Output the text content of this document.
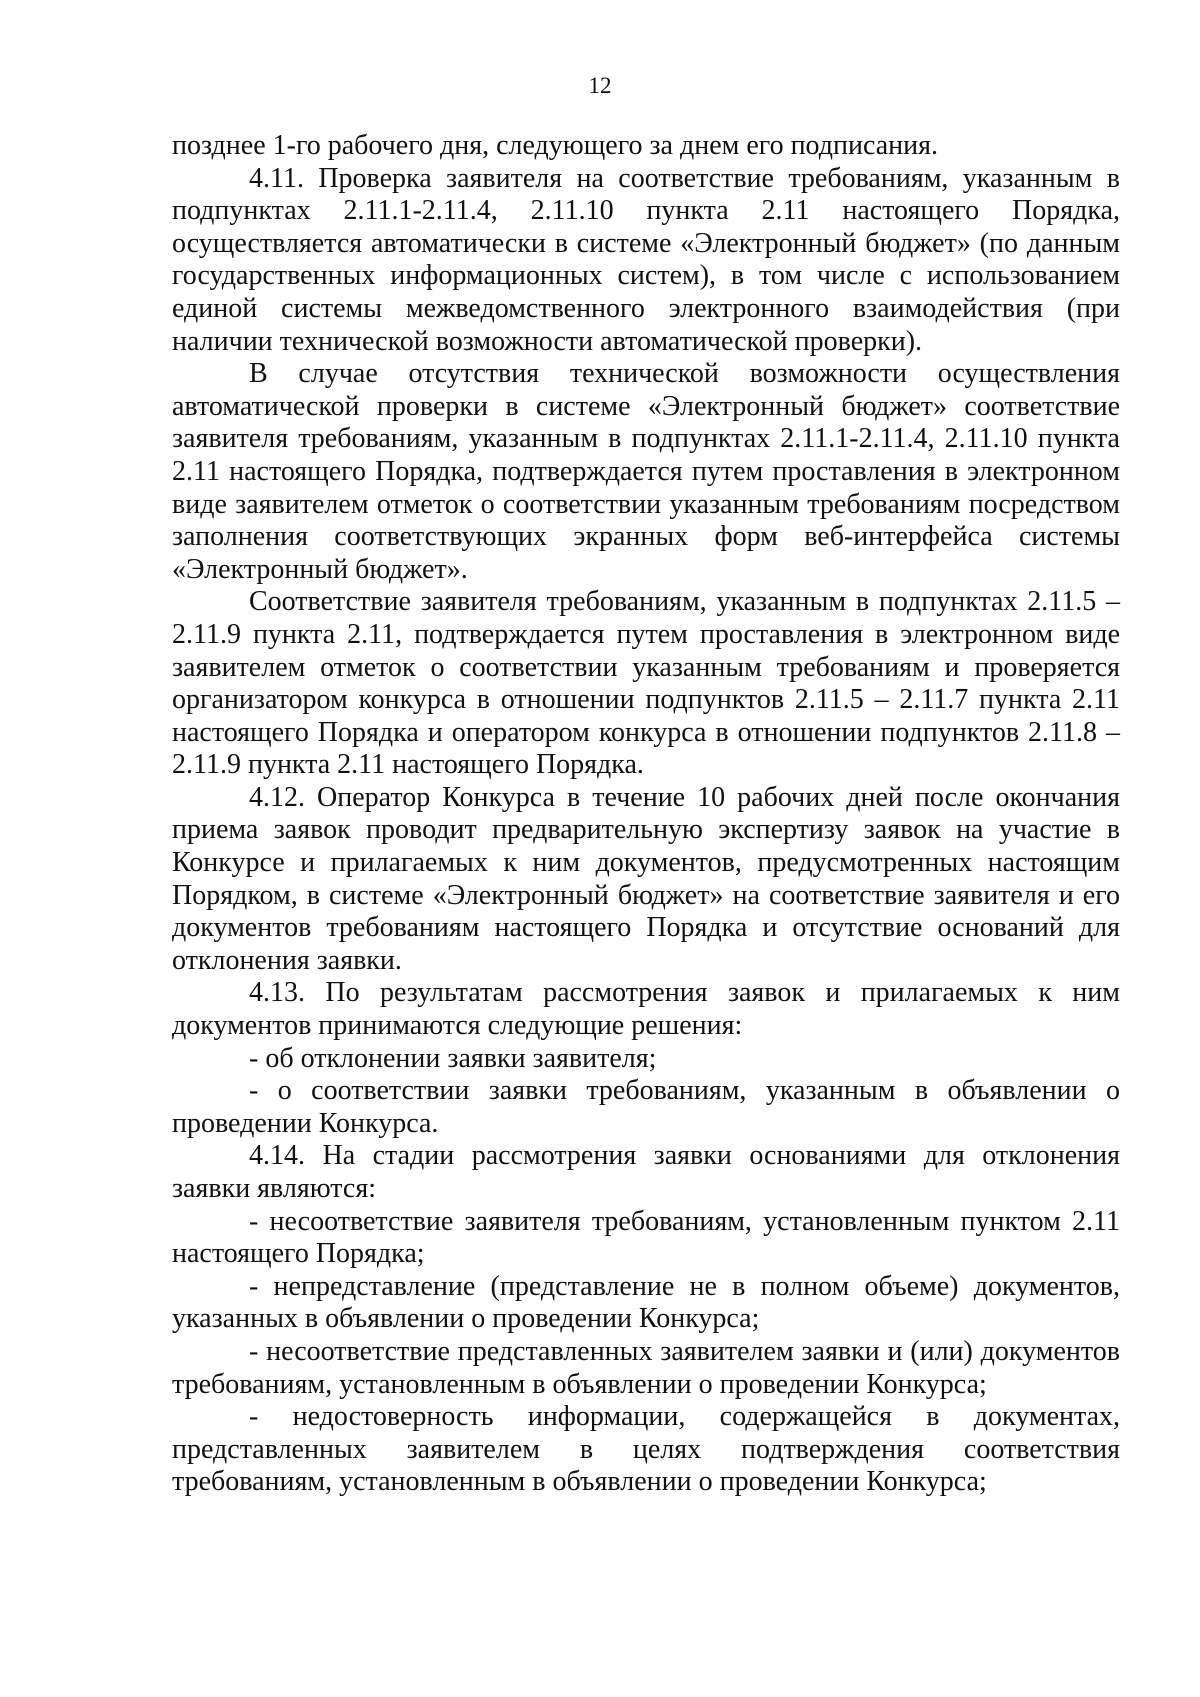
12

позднее 1-го рабочего дня, следующего за днем его подписания.

4.11. Проверка заявителя на соответствие требованиям, указанным в подпунктах 2.11.1-2.11.4, 2.11.10 пункта 2.11 настоящего Порядка, осуществляется автоматически в системе «Электронный бюджет» (по данным государственных информационных систем), в том числе с использованием единой системы межведомственного электронного взаимодействия (при наличии технической возможности автоматической проверки).

В случае отсутствия технической возможности осуществления автоматической проверки в системе «Электронный бюджет» соответствие заявителя требованиям, указанным в подпунктах 2.11.1-2.11.4, 2.11.10 пункта 2.11 настоящего Порядка, подтверждается путем проставления в электронном виде заявителем отметок о соответствии указанным требованиям посредством заполнения соответствующих экранных форм веб-интерфейса системы «Электронный бюджет».

Соответствие заявителя требованиям, указанным в подпунктах 2.11.5 – 2.11.9 пункта 2.11, подтверждается путем проставления в электронном виде заявителем отметок о соответствии указанным требованиям и проверяется организатором конкурса в отношении подпунктов 2.11.5 – 2.11.7 пункта 2.11 настоящего Порядка и оператором конкурса в отношении подпунктов 2.11.8 – 2.11.9 пункта 2.11 настоящего Порядка.

4.12. Оператор Конкурса в течение 10 рабочих дней после окончания приема заявок проводит предварительную экспертизу заявок на участие в Конкурсе и прилагаемых к ним документов, предусмотренных настоящим Порядком, в системе «Электронный бюджет» на соответствие заявителя и его документов требованиям настоящего Порядка и отсутствие оснований для отклонения заявки.

4.13. По результатам рассмотрения заявок и прилагаемых к ним документов принимаются следующие решения:

- об отклонении заявки заявителя;

- о соответствии заявки требованиям, указанным в объявлении о проведении Конкурса.

4.14. На стадии рассмотрения заявки основаниями для отклонения заявки являются:

- несоответствие заявителя требованиям, установленным пунктом 2.11 настоящего Порядка;

- непредставление (представление не в полном объеме) документов, указанных в объявлении о проведении Конкурса;

- несоответствие представленных заявителем заявки и (или) документов требованиям, установленным в объявлении о проведении Конкурса;

- недостоверность информации, содержащейся в документах, представленных заявителем в целях подтверждения соответствия требованиям, установленным в объявлении о проведении Конкурса;
